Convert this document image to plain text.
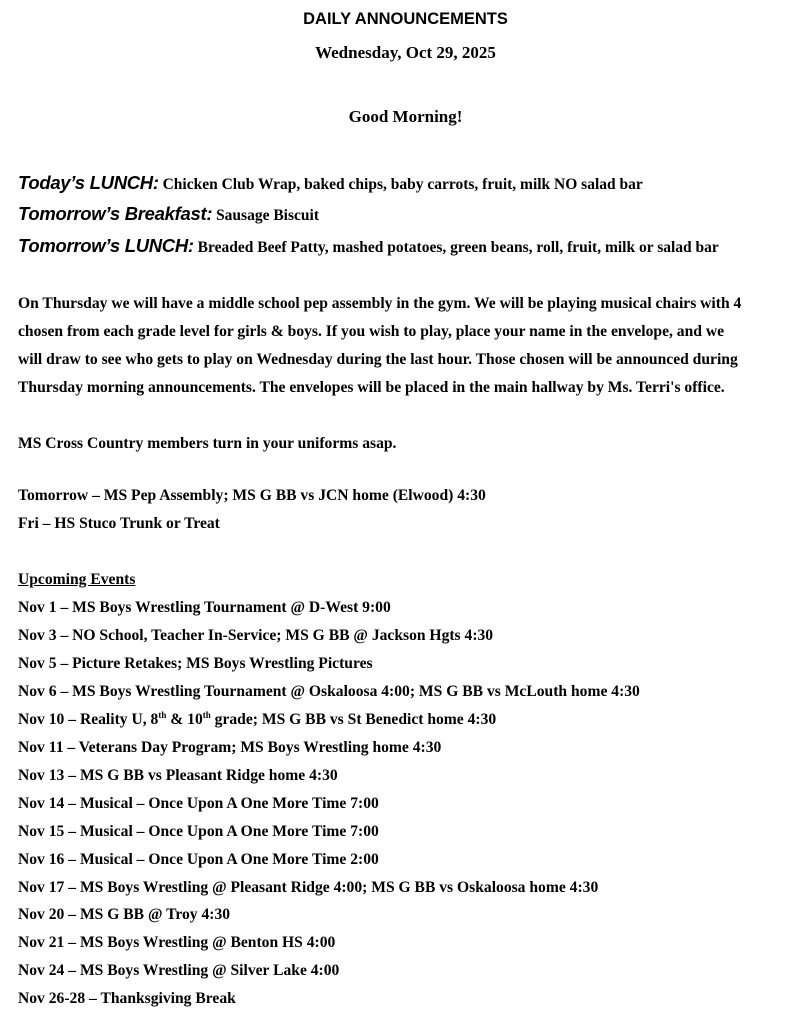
DAILY ANNOUNCEMENTS
Wednesday, Oct 29, 2025
Good Morning!
Today’s LUNCH: Chicken Club Wrap, baked chips, baby carrots, fruit, milk NO salad bar
Tomorrow’s Breakfast: Sausage Biscuit
Tomorrow’s LUNCH: Breaded Beef Patty, mashed potatoes, green beans, roll, fruit, milk or salad bar
On Thursday we will have a middle school pep assembly in the gym. We will be playing musical chairs with 4
chosen from each grade level for girls & boys. If you wish to play, place your name in the envelope, and we
will draw to see who gets to play on Wednesday during the last hour. Those chosen will be announced during
Thursday morning announcements. The envelopes will be placed in the main hallway by Ms. Terri's office.
MS Cross Country members turn in your uniforms asap.
Tomorrow – MS Pep Assembly; MS G BB vs JCN home (Elwood) 4:30
Fri – HS Stuco Trunk or Treat
Upcoming Events
Nov 1 – MS Boys Wrestling Tournament @ D-West 9:00
Nov 3 – NO School, Teacher In-Service; MS G BB @ Jackson Hgts 4:30
Nov 5 – Picture Retakes; MS Boys Wrestling Pictures
Nov 6 – MS Boys Wrestling Tournament @ Oskaloosa 4:00; MS G BB vs McLouth home 4:30
Nov 10 – Reality U, 8th & 10th grade; MS G BB vs St Benedict home 4:30
Nov 11 – Veterans Day Program; MS Boys Wrestling home 4:30
Nov 13 – MS G BB vs Pleasant Ridge home 4:30
Nov 14 – Musical – Once Upon A One More Time 7:00
Nov 15 – Musical – Once Upon A One More Time 7:00
Nov 16 – Musical – Once Upon A One More Time 2:00
Nov 17 – MS Boys Wrestling @ Pleasant Ridge 4:00; MS G BB vs Oskaloosa home 4:30
Nov 20 – MS G BB @ Troy 4:30
Nov 21 – MS Boys Wrestling @ Benton HS 4:00
Nov 24 – MS Boys Wrestling @ Silver Lake 4:00
Nov 26-28 – Thanksgiving Break
